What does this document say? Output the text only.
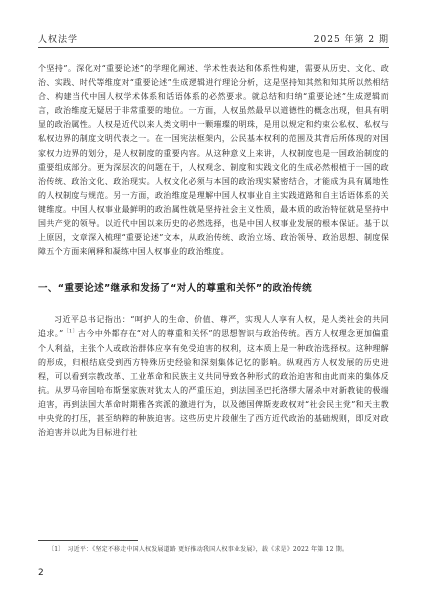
人权法学	2025 年第 2 期

个坚持”。深化对“重要论述”的学理化阐述、学术性表达和体系性构建，需要从历史、文化、政治、实践、时代等维度对“重要论述”生成逻辑进行理论分析，这是坚持知其然和知其所以然相结合、构建当代中国人权学术体系和话语体系的必然要求。就总结和归纳“重要论述”生成逻辑而言，政治维度无疑居于非常重要的地位。一方面，人权虽然最早以道德性的概念出现，但具有明显的政治属性。人权是近代以来人类文明中一颗璀璨的明珠，是用以规定和约束公私权、私权与私权边界的制度文明代表之一。在一国宪法框架内，公民基本权利的范围及其背后所体现的对国家权力边界的划分，是人权制度的重要内容。从这种意义上来讲，人权制度也是一国政治制度的重要组成部分。更为深层次的问题在于，人权观念、制度和实践文化的生成必然根植于一国的政治传统、政治文化、政治现实。人权文化必须与本国的政治现实紧密结合，才能成为具有属地性的人权制度与规范。另一方面，政治维度是理解中国人权事业自主实践道路和自主话语体系的关键维度。中国人权事业最鲜明的政治属性就是坚持社会主义性质，最本质的政治特征就是坚持中国共产党的领导。以近代中国以来历史的必然选择，也是中国人权事业发展的根本保证。基于以上原因，文章深入梳理“重要论述”文本，从政治传统、政治立场、政治领导、政治思想、制度保障五个方面来阐释和凝练中国人权事业的政治维度。

一、“重要论述”继承和发扬了“对人的尊重和关怀”的政治传统

习近平总书记指出：“呵护人的生命、价值、尊严，实现人人享有人权，是人类社会的共同追求。”$^{〔1〕}$古今中外都存在“对人的尊重和关怀”的思想智识与政治传统。西方人权理念更加偏重个人利益，主张个人或政治群体应享有免受迫害的权利，这本质上是一种政治选择权。这种理解的形成，归根结底受到西方特殊历史经验和深刻集体记忆的影响。纵观西方人权发展的历史进程，可以看到宗教改革、工业革命和民族主义共同导致各种形式的政治迫害和由此而来的集体反抗。从罗马帝国哈布斯堡家族对犹太人的严重压迫，到法国圣巴托洛缪大屠杀中对新教徒的极端迫害，再到法国大革命时期雅各宾派的激进行为，以及德国俾斯麦政权对“社会民主党”和天主教中央党的打压，甚至纳粹的种族迫害。这些历史片段催生了西方近代政治的基础规则，即反对政治迫害并以此为目标进行社

〔1〕 习近平：《坚定不移走中国人权发展道路 更好推动我国人权事业发展》，载《求是》2022 年第 12 期。
2
